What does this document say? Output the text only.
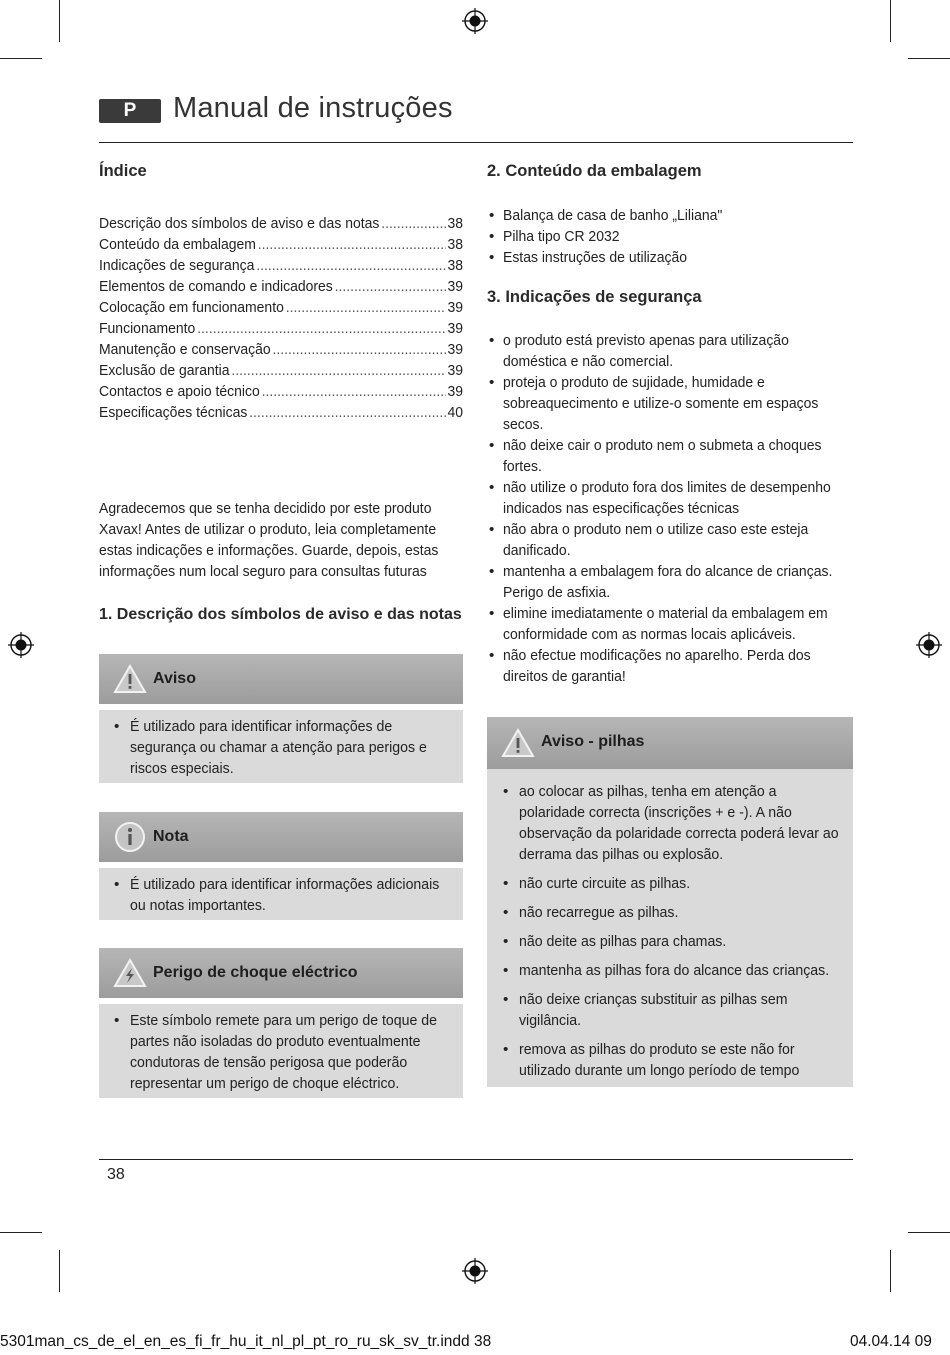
P	Manual de instruções
Índice
Descrição dos símbolos de aviso e das notas .....	38
Conteúdo da embalagem .....	38
Indicações de segurança .....	38
Elementos de comando e indicadores .....	39
Colocação em funcionamento .....	39
Funcionamento .....	39
Manutenção e conservação .....	39
Exclusão de garantia .....	39
Contactos e apoio técnico .....	39
Especificações técnicas .....	40
Agradecemos que se tenha decidido por este produto Xavax! Antes de utilizar o produto, leia completamente estas indicações e informações. Guarde, depois, estas informações num local seguro para consultas futuras
1. Descrição dos símbolos de aviso e das notas
Aviso
• É utilizado para identificar informações de segurança ou chamar a atenção para perigos e riscos especiais.
Nota
• É utilizado para identificar informações adicionais ou notas importantes.
Perigo de choque eléctrico
• Este símbolo remete para um perigo de toque de partes não isoladas do produto eventualmente condutoras de tensão perigosa que poderão representar um perigo de choque eléctrico.
2. Conteúdo da embalagem
• Balança de casa de banho „Liliana"
• Pilha tipo CR 2032
• Estas instruções de utilização
3. Indicações de segurança
• o produto está previsto apenas para utilização doméstica e não comercial.
• proteja o produto de sujidade, humidade e sobreaquecimento e utilize-o somente em espaços secos.
• não deixe cair o produto nem o submeta a choques fortes.
• não utilize o produto fora dos limites de desempenho indicados nas especificações técnicas
• não abra o produto nem o utilize caso este esteja danificado.
• mantenha a embalagem fora do alcance de crianças. Perigo de asfixia.
• elimine imediatamente o material da embalagem em conformidade com as normas locais aplicáveis.
• não efectue modificações no aparelho. Perda dos direitos de garantia!
Aviso - pilhas
• ao colocar as pilhas, tenha em atenção a polaridade correcta (inscrições + e -). A não observação da polaridade correcta poderá levar ao derrama das pilhas ou explosão.
• não curte circuite as pilhas.
• não recarregue as pilhas.
• não deite as pilhas para chamas.
• mantenha as pilhas fora do alcance das crianças.
• não deixe crianças substituir as pilhas sem vigilância.
• remova as pilhas do produto se este não for utilizado durante um longo período de tempo
38
5301man_cs_de_el_en_es_fi_fr_hu_it_nl_pl_pt_ro_ru_sk_sv_tr.indd 38	04.04.14 09
